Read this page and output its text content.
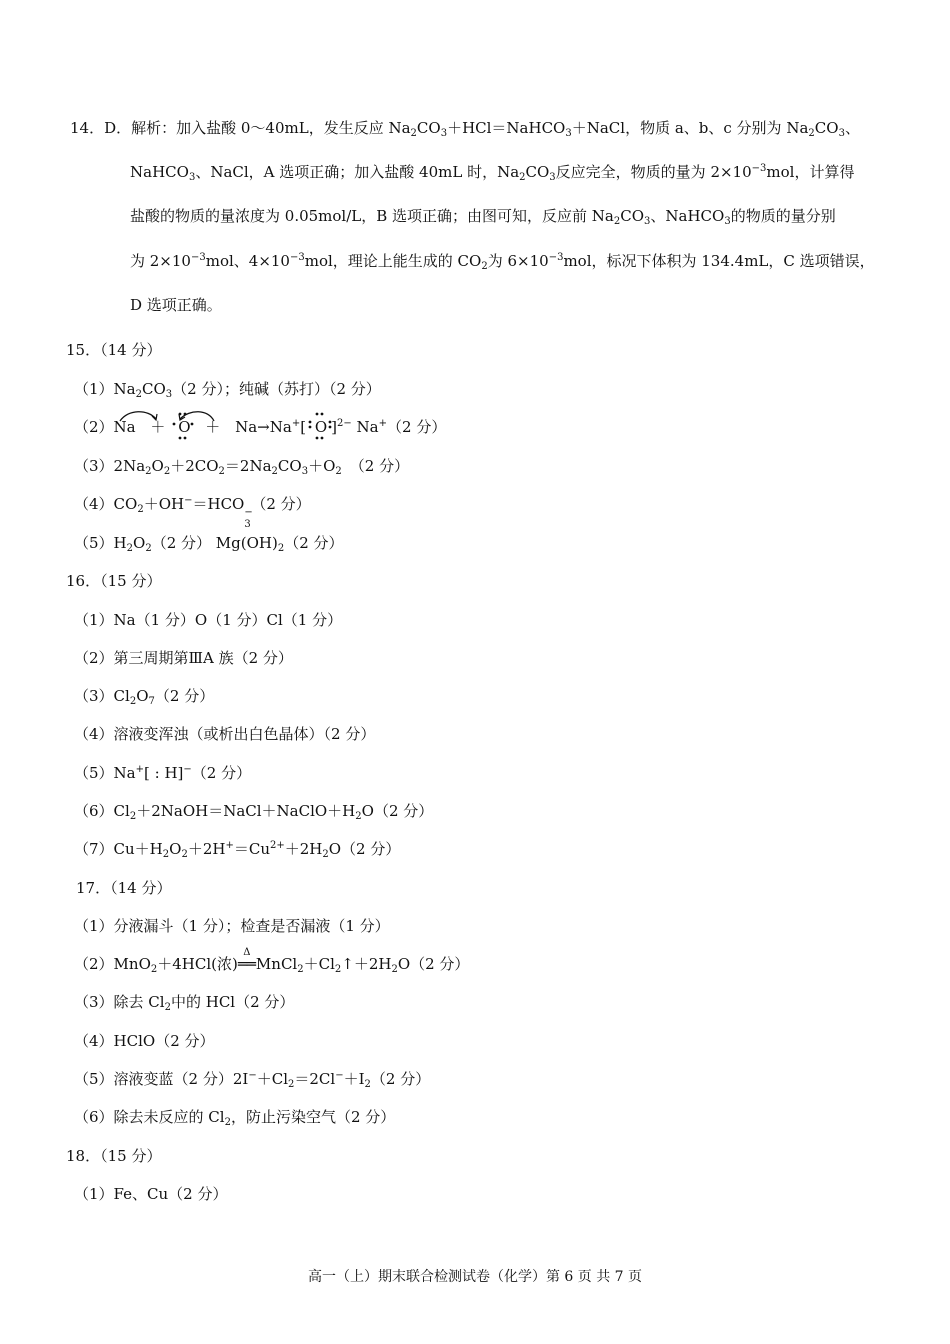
14．D．解析：加入盐酸 0～40mL，发生反应 $Na_2CO_3+HCl=NaHCO_3+NaCl$，物质 a、b、c 分别为 $Na_2CO_3$、
NaHCO$_3$、NaCl，A 选项正确；加入盐酸 40mL 时，$Na_2CO_3$反应完全，物质的量为 $2\times 10^{-3}mol$，计算得
盐酸的物质的量浓度为 0.05mol/L，B 选项正确；由图可知，反应前 $Na_2CO_3$、NaHCO$_3$的物质的量分别
为 $2\times 10^{-3}mol$、$4\times 10^{-3}mol$，理论上能生成的 $CO_2$为 $6\times 10^{-3}mol$，标况下体积为 134.4mL，C 选项错误，
D 选项正确。
15．（14 分）
$(1)Na_2CO_3(2$ 分）；纯碱（苏打）（2 分）
（2）Na ＋ O ＋ Na→Na+[ O ]$^{2-}$ Na+（2 分）
$(3)2Na_2O_2+2CO_2=2Na_2CO_3+O_2$ （2 分）
$(4)CO_2+OH^-=HCO$ −
3
（2 分）
$(5)H_2O_2(2$ 分） $Mg(OH)_2(2$ 分）
16．（15 分）
（1）Na（1 分）O（1 分）Cl（1 分）
（2）第三周期第ⅢA 族（2 分）
$(3)Cl_2O_7(2$ 分）
（4）溶液变浑浊（或析出白色晶体）（2 分）
（5）Na+[ : H]−（2 分）
$(6)Cl_2+2NaOH=NaCl+NaClO+H_2O(2$ 分）
$(7)Cu+H_2O_2+2H^+=Cu^{2+}+2H_2O(2$ 分）
17．（14 分）
（1）分液漏斗（1 分）；检查是否漏液（1 分）
（2）MnO$_2$＋4HCl(浓)
Δ
$══MnCl_2+Cl_2↑+2H_2O(2$ 分）
（3）除去 $Cl_2$中的 HCl（2 分）
（4）HClO（2 分）
（5）溶液变蓝（2 分）$2I^-+Cl_2=2Cl^-+I_2(2$ 分）
（6）除去未反应的 $Cl_2$，防止污染空气（2 分）
18．（15 分）
（1）Fe、Cu（2 分）
高一（上）期末联合检测试卷（化学）第 6 页 共 7 页
